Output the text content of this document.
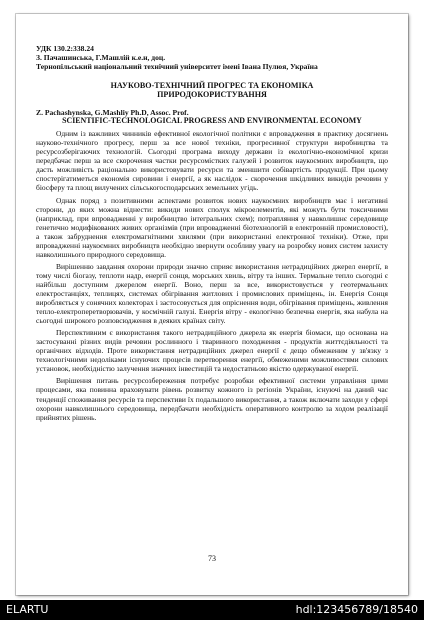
УДК 130.2:338.24
З. Пачашинська, Г.Машлій к.е.н, доц.
Тернопільський національний технічний університет імені Івана Пулюя, Україна
НАУКОВО-ТЕХНІЧНИЙ ПРОГРЕС ТА ЕКОНОМІКА ПРИРОДОКОРИСТУВАННЯ
Z. Pachashynska, G.Mashliy Ph.D, Assoc. Prof.
SCIENTIFIC-TECHNOLOGICAL PROGRESS AND ENVIRONMENTAL ECONOMY

Одним із важливих чинників ефективної екологічної політики є впровадження в практику досягнень науково-технічного прогресу, перш за все нової техніки, прогресивної структури виробництва та ресурсозберігаючих технологій. Сьогодні програма виходу держави із екологічно-економічної кризи передбачає перш за все скорочення частки ресурсомістких галузей і розвиток наукоємних виробництв, що дасть можливість раціонально використовувати ресурси та зменшити собівартість продукції. При цьому спостерігатиметься економія сировини і енергії, а як наслідок - скорочення шкідливих викидів речовин у біосферу та площ вилучених сільськогосподарських земельних угідь.

Однак поряд з позитивними аспектами розвиток нових наукоємних виробництв має і негативні сторони, до яких можна віднести: викиди нових сполук мікроелементів, які можуть бути токсичними (наприклад, при впровадженні у виробництво інтегральних схем); потрапляння у навколишнє середовище генетично модифікованих живих організмів (при впровадженні біотехнологій в електронній промисловості), а також забруднення електромагнітними хвилями (при використанні електронної техніки). Отже, при впровадженні наукоємних виробництв необхідно звернути особливу увагу на розробку нових систем захисту навколишнього природного середовища.

Вирішенню завдання охорони природи значно сприяє використання нетрадиційних джерел енергії, в тому числі біогазу, теплоти надр, енергії сонця, морських хвиль, вітру та інших. Термальне тепло сьогодні є найбільш доступним джерелом енергії. Воно, перш за все, використовується у геотермальних електростанціях, теплицях, системах обігрівання житлових і промислових приміщень, ін. Енергія Сонця виробляється у сонячних колекторах і застосовується для опріснення води, обігрівання приміщень, живлення тепло-електроперетворювачів, у космічній галузі. Енергія вітру - екологічно безпечна енергія, яка набула на сьогодні широкого розповсюдження в деяких країнах світу.

Перспективним є використання такого нетрадиційного джерела як енергія біомаси, що основана на застосуванні різних видів речовин рослинного і тваринного походження - продуктів життєдіяльності та органічних відходів. Проте використання нетрадиційних джерел енергії є дещо обмеженим у зв'язку з технологічними недоліками існуючих процесів перетворення енергії, обмеженими можливостями силових установок, необхідністю залучення значних інвестицій та недостатньою якістю одержуваної енергії.

Вирішення питань ресурсозбереження потребує розробки ефективної системи управління цими процесами, яка повинна враховувати рівень розвитку кожного із регіонів України, існуючі на даний час тенденції споживання ресурсів та перспективи їх подальшого використання, а також включати заходи у сфері охорони навколишнього середовища, передбачати необхідність оперативного контролю за ходом реалізації прийнятих рішень.

73
ELARTU	hdl:123456789/18540
